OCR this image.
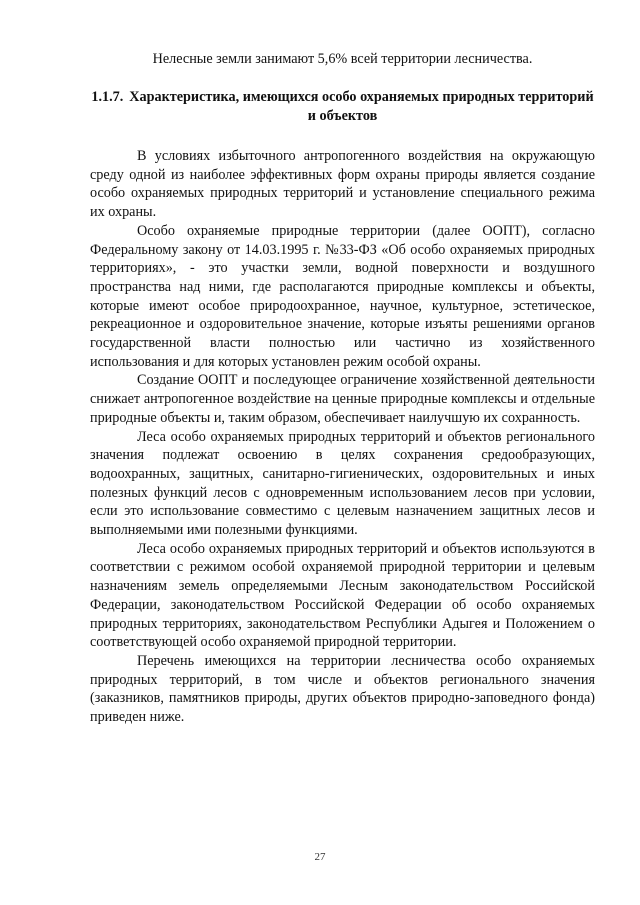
Нелесные земли занимают 5,6% всей территории лесничества.

1.1.7. Характеристика, имеющихся особо охраняемых природных территорий и объектов

В условиях избыточного антропогенного воздействия на окружающую среду одной из наиболее эффективных форм охраны природы является создание особо охраняемых природных территорий и установление специального режима их охраны.

Особо охраняемые природные территории (далее ООПТ), согласно Федеральному закону от 14.03.1995 г. №33-ФЗ «Об особо охраняемых природных территориях», - это участки земли, водной поверхности и воздушного пространства над ними, где располагаются природные комплексы и объекты, которые имеют особое природоохранное, научное, культурное, эстетическое, рекреационное и оздоровительное значение, которые изъяты решениями органов государственной власти полностью или частично из хозяйственного использования и для которых установлен режим особой охраны.

Создание ООПТ и последующее ограничение хозяйственной деятельности снижает антропогенное воздействие на ценные природные комплексы и отдельные природные объекты и, таким образом, обеспечивает наилучшую их сохранность.

Леса особо охраняемых природных территорий и объектов регионального значения подлежат освоению в целях сохранения средообразующих, водоохранных, защитных, санитарно-гигиенических, оздоровительных и иных полезных функций лесов с одновременным использованием лесов при условии, если это использование совместимо с целевым назначением защитных лесов и выполняемыми ими полезными функциями.

Леса особо охраняемых природных территорий и объектов используются в соответствии с режимом особой охраняемой природной территории и целевым назначениям земель определяемыми Лесным законодательством Российской Федерации, законодательством Российской Федерации об особо охраняемых природных территориях, законодательством Республики Адыгея и Положением о соответствующей особо охраняемой природной территории.

Перечень имеющихся на территории лесничества особо охраняемых природных территорий, в том числе и объектов регионального значения (заказников, памятников природы, других объектов природно-заповедного фонда) приведен ниже.

27
